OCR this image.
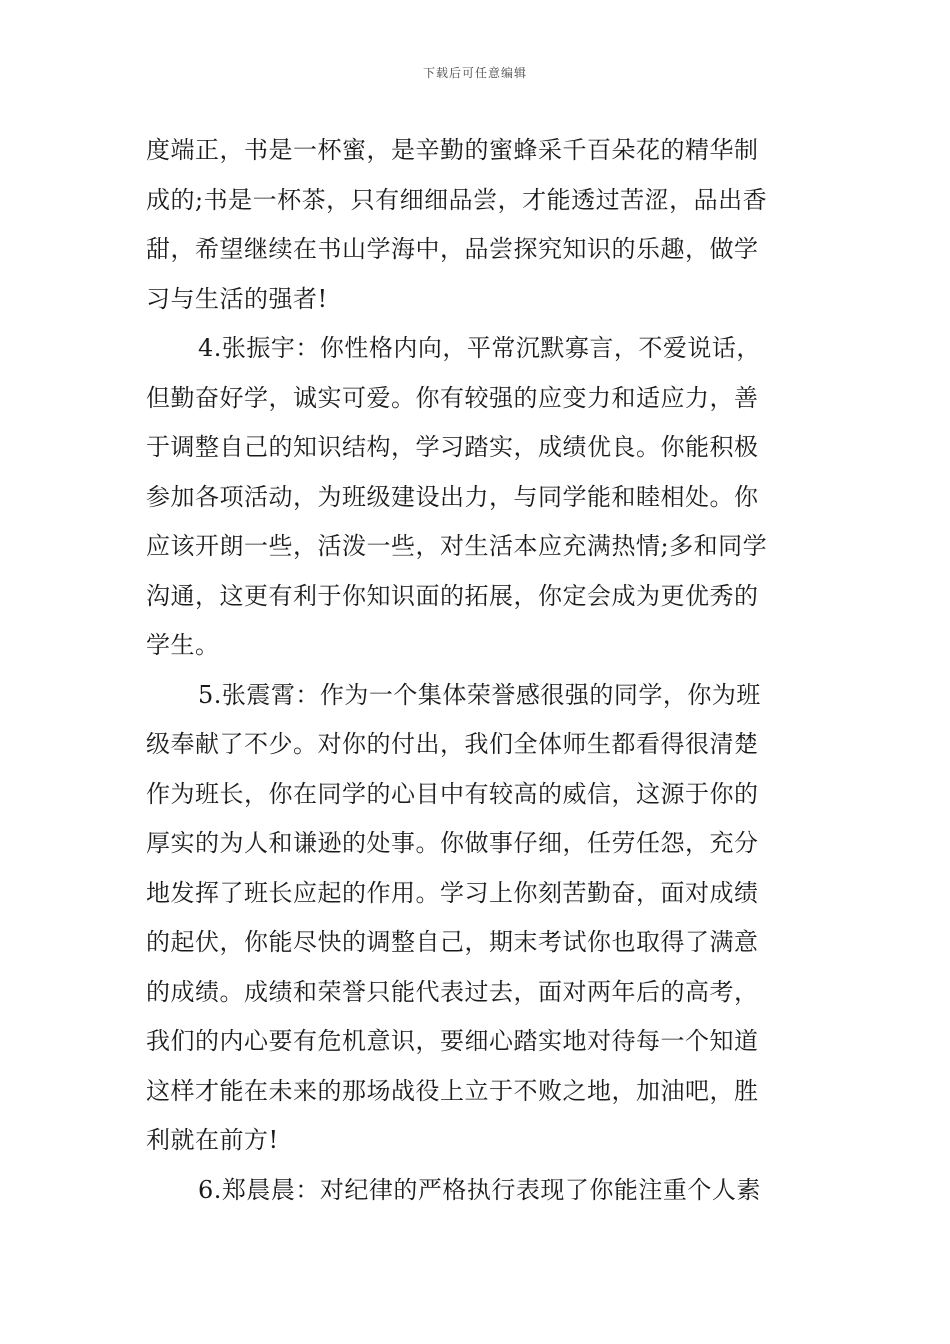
下载后可任意编辑
度端正，书是一杯蜜，是辛勤的蜜蜂采千百朵花的精华制
成的;书是一杯茶，只有细细品尝，才能透过苦涩，品出香
甜，希望继续在书山学海中，品尝探究知识的乐趣，做学
习与生活的强者!
4.张振宇：你性格内向，平常沉默寡言，不爱说话，
但勤奋好学，诚实可爱。你有较强的应变力和适应力，善
于调整自己的知识结构，学习踏实，成绩优良。你能积极
参加各项活动，为班级建设出力，与同学能和睦相处。你
应该开朗一些，活泼一些，对生活本应充满热情;多和同学
沟通，这更有利于你知识面的拓展，你定会成为更优秀的
学生。
5.张震霄：作为一个集体荣誉感很强的同学，你为班
级奉献了不少。对你的付出，我们全体师生都看得很清楚
作为班长，你在同学的心目中有较高的威信，这源于你的
厚实的为人和谦逊的处事。你做事仔细，任劳任怨，充分
地发挥了班长应起的作用。学习上你刻苦勤奋，面对成绩
的起伏，你能尽快的调整自己，期末考试你也取得了满意
的成绩。成绩和荣誉只能代表过去，面对两年后的高考，
我们的内心要有危机意识，要细心踏实地对待每一个知道
这样才能在未来的那场战役上立于不败之地，加油吧，胜
利就在前方!
6.郑晨晨：对纪律的严格执行表现了你能注重个人素
